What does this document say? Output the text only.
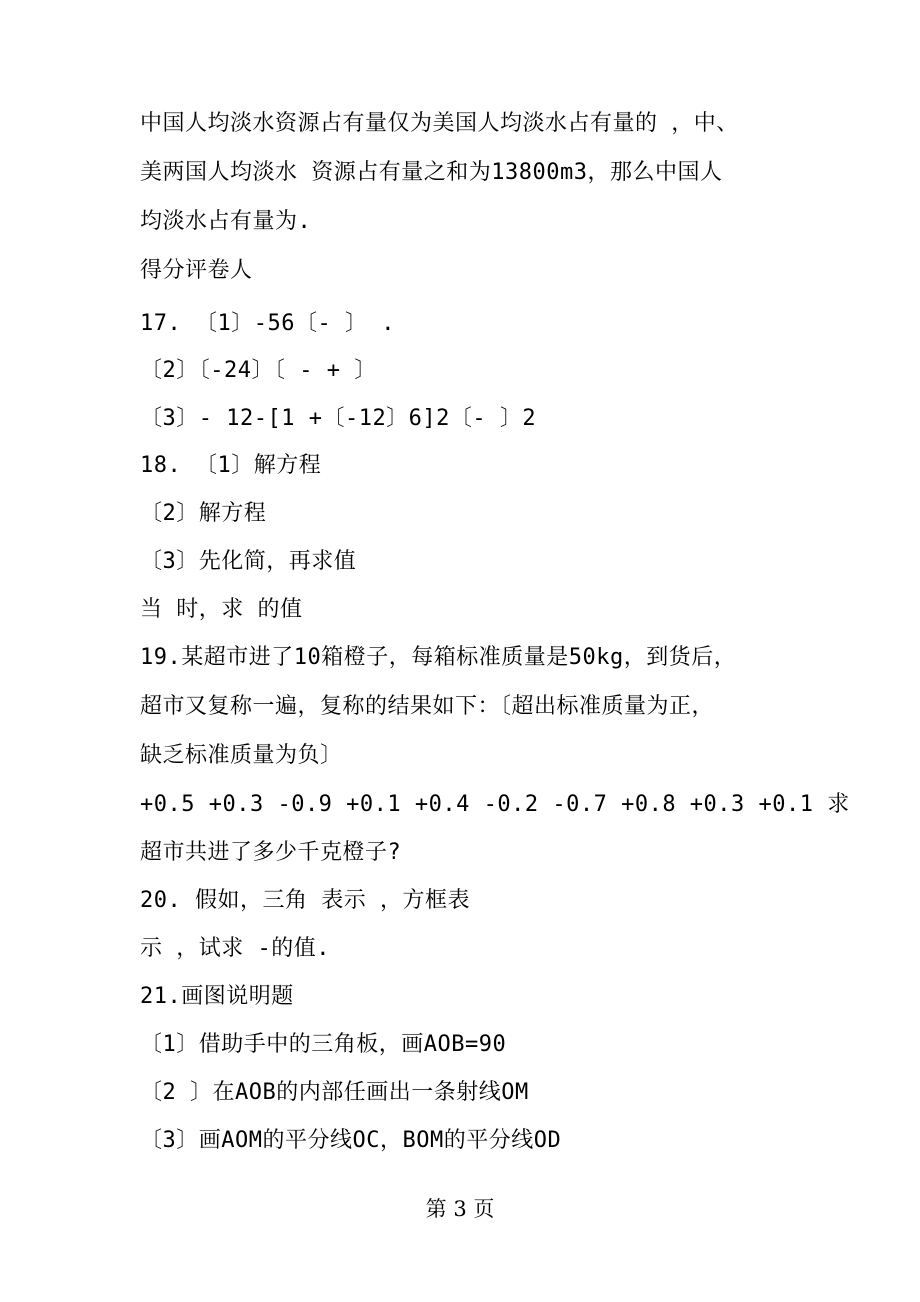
中国人均淡水资源占有量仅为美国人均淡水占有量的 ，中、
美两国人均淡水 资源占有量之和为13800m3，那么中国人
均淡水占有量为.
得分评卷人
17. 〔1〕-56〔- 〕 .
〔2〕〔-24〕〔 - + 〕
〔3〕- 12-[1 +〔-12〕6]2〔- 〕2
18. 〔1〕解方程
〔2〕解方程
〔3〕先化简，再求值
当 时，求 的值
19.某超市进了10箱橙子，每箱标准质量是50kg，到货后，
超市又复称一遍，复称的结果如下：〔超出标准质量为正，
缺乏标准质量为负〕
+0.5 +0.3 -0.9 +0.1 +0.4 -0.2 -0.7 +0.8 +0.3 +0.1 求
超市共进了多少千克橙子?
20. 假如，三角 表示 ，方框表
示 ，试求 -的值.
21.画图说明题
〔1〕借助手中的三角板，画AOB=90
〔2 〕在AOB的内部任画出一条射线OM
〔3〕画AOM的平分线OC，BOM的平分线OD
第 3 页
